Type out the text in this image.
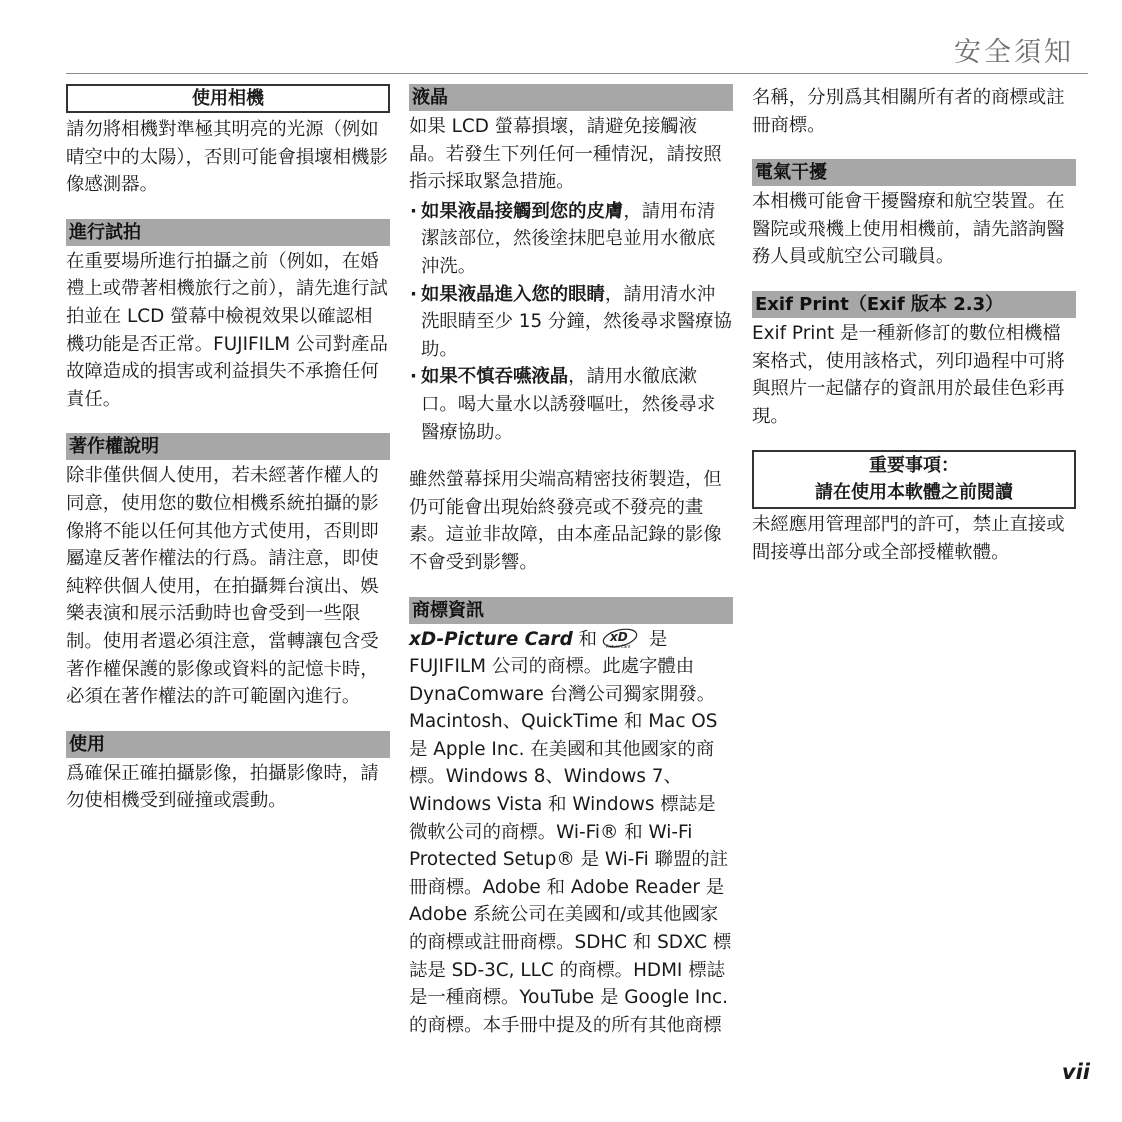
安全須知
使用相機

請勿將相機對準極其明亮的光源（例如晴空中的太陽），否則可能會損壞相機影像感測器。

進行試拍

在重要場所進行拍攝之前（例如，在婚禮上或帶著相機旅行之前），請先進行試拍並在 LCD 螢幕中檢視效果以確認相機功能是否正常。FUJIFILM 公司對產品故障造成的損害或利益損失不承擔任何責任。

著作權說明

除非僅供個人使用，若未經著作權人的同意，使用您的數位相機系統拍攝的影像將不能以任何其他方式使用，否則即屬違反著作權法的行爲。請注意，即使純粹供個人使用，在拍攝舞台演出、娛樂表演和展示活動時也會受到一些限制。使用者還必須注意，當轉讓包含受著作權保護的影像或資料的記憶卡時，必須在著作權法的許可範圍內進行。

使用

爲確保正確拍攝影像，拍攝影像時，請勿使相機受到碰撞或震動。

液晶

如果 LCD 螢幕損壞，請避免接觸液晶。若發生下列任何一種情況，請按照指示採取緊急措施。

· 如果液晶接觸到您的皮膚，請用布清潔該部位，然後塗抹肥皂並用水徹底沖洗。
· 如果液晶進入您的眼睛，請用清水沖洗眼睛至少 15 分鐘，然後尋求醫療協助。
· 如果不慎吞嚥液晶，請用水徹底漱口。喝大量水以誘發嘔吐，然後尋求醫療協助。

雖然螢幕採用尖端高精密技術製造，但仍可能會出現始終發亮或不發亮的畫素。這並非故障，由本產品記錄的影像不會受到影響。

商標資訊

xD-Picture Card 和 xD
Picture Card 是FUJIFILM 公司的商標。此處字體由 DynaComware 台灣公司獨家開發。Macintosh、QuickTime 和 Mac OS 是 Apple Inc. 在美國和其他國家的商標。Windows 8、Windows 7、Windows Vista 和 Windows 標誌是微軟公司的商標。Wi-Fi® 和 Wi-Fi Protected Setup® 是 Wi-Fi 聯盟的註冊商標。Adobe 和 Adobe Reader 是 Adobe 系統公司在美國和/或其他國家的商標或註冊商標。SDHC 和 SDXC 標誌是 SD-3C, LLC 的商標。HDMI 標誌是一種商標。YouTube 是 Google Inc. 的商標。本手冊中提及的所有其他商標

名稱，分別爲其相關所有者的商標或註冊商標。

電氣干擾

本相機可能會干擾醫療和航空裝置。在醫院或飛機上使用相機前，請先諮詢醫務人員或航空公司職員。

Exif Print（Exif 版本 2.3）

Exif Print 是一種新修訂的數位相機檔案格式，使用該格式，列印過程中可將與照片一起儲存的資訊用於最佳色彩再現。

重要事項：
請在使用本軟體之前閱讀

未經應用管理部門的許可，禁止直接或間接導出部分或全部授權軟體。

vii
